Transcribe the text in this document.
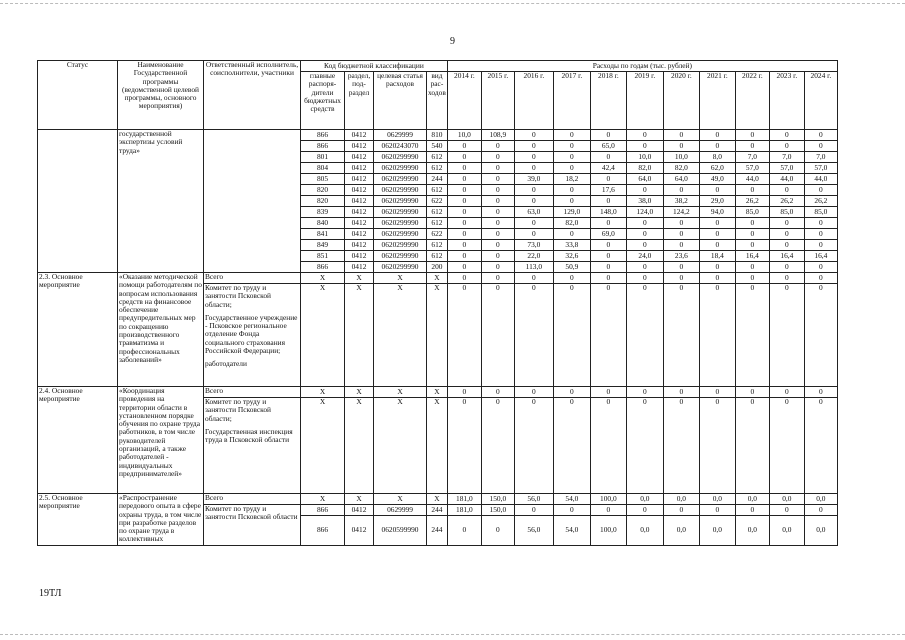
9
Статус	Наименование Государственной программы (ведомственной целевой программы, основного мероприятия)	Ответственный исполнитель, соисполнители, участники	Код бюджетной классификации				Расходы по годам (тыс. рублей)										
			главные распоря-дители бюджетных средств	раздел, под-раздел	целевая статья расходов	вид рас-ходов	2014 г.	2015 г.	2016 г.	2017 г.	2018 г.	2019 г.	2020 г.	2021 г.	2022 г.	2023 г.	2024 г.
	государственной экспертизы условий труда»		866	0412	0629999	810	10,0	108,9	0	0	0	0	0	0	0	0	0
			866	0412	0620243070	540	0	0	0	0	65,0	0	0	0	0	0	0
			801	0412	0620299990	612	0	0	0	0	0	10,0	10,0	8,0	7,0	7,0	7,0
			804	0412	0620299990	612	0	0	0	0	42,4	82,0	82,0	62,0	57,0	57,0	57,0
			805	0412	0620299990	244	0	0	39,0	18,2	0	64,0	64,0	49,0	44,0	44,0	44,0
			820	0412	0620299990	612	0	0	0	0	17,6	0	0	0	0	0	0
			820	0412	0620299990	622	0	0	0	0	0	38,0	38,2	29,0	26,2	26,2	26,2
			839	0412	0620299990	612	0	0	63,0	129,0	148,0	124,0	124,2	94,0	85,0	85,0	85,0
			840	0412	0620299990	612	0	0	0	82,0	0	0	0	0	0	0	0
			841	0412	0620299990	622	0	0	0	0	69,0	0	0	0	0	0	0
			849	0412	0620299990	612	0	0	73,0	33,8	0	0	0	0	0	0	0
			851	0412	0620299990	612	0	0	22,0	32,6	0	24,0	23,6	18,4	16,4	16,4	16,4
			866	0412	0620299990	200	0	0	113,0	50,9	0	0	0	0	0	0	0
2.3. Основное мероприятие	«Оказание методической помощи работодателям по вопросам использования средств на финансовое обеспечение предупредительных мер по сокращению производственного травматизма и профессиональных заболеваний»	Всего	X	X	X	X	0	0	0	0	0	0	0	0	0	0	0

		Комитет по труду и занятости Псковской области;
Государственное учреждение - Псковское региональное отделение Фонда социального страхования Российской Федерации;
работодатели	X	X	X	X	0	0	0	0	0	0	0	0	0	0	0
2.4. Основное мероприятие	«Координация проведения на территории области в установленном порядке обучения по охране труда работников, в том числе руководителей организаций, а также работодателей - индивидуальных предпринимателей»	Всего	X	X	X	X	0	0	0	0	0	0	0	0	0	0	0

		Комитет по труду и занятости Псковской области;
Государственная инспекция труда в Псковской области	X	X	X	X	0	0	0	0	0	0	0	0	0	0	0
2.5. Основное мероприятие	«Распространение передового опыта в сфере охраны труда, в том числе при разработке разделов по охране труда в коллективных	Всего	X	X	X	X	181,0	150,0	56,0	54,0	100,0	0,0	0,0	0,0	0,0	0,0	0,0
		Комитет по труду и занятости Псковской области	866	0412	0629999	244	181,0	150,0	0	0	0	0	0	0	0	0	0
			866	0412	0620599990	244	0	0	56,0	54,0	100,0	0,0	0,0	0,0	0,0	0,0	0,0
19ТЛ
